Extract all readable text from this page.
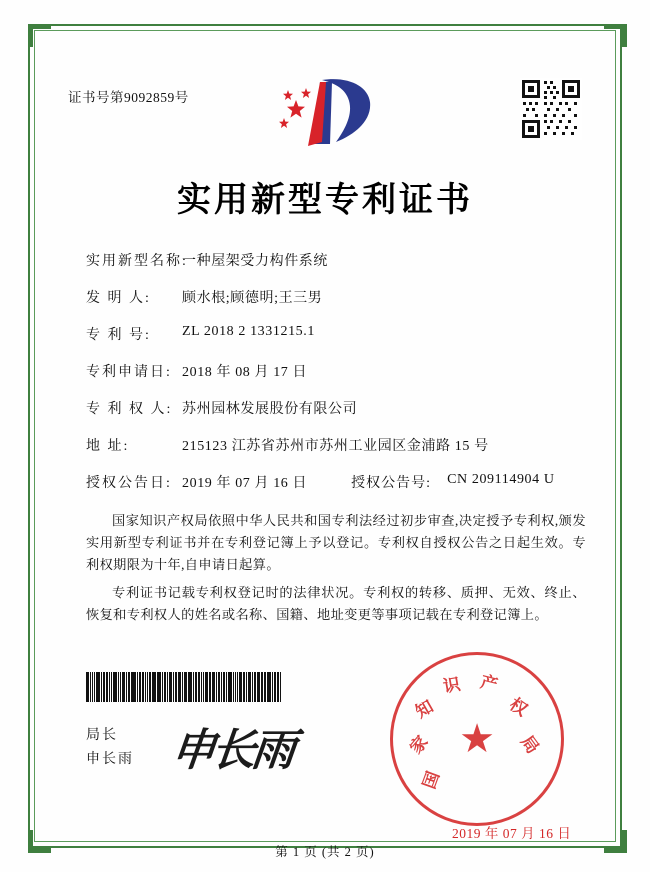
证书号第9092859号
实用新型专利证书
实用新型名称:一种屋架受力构件系统
发 明 人: 顾水根;顾德明;王三男
专 利 号: ZL 2018 2 1331215.1
专利申请日: 2018 年 08 月 17 日
专 利 权 人: 苏州园林发展股份有限公司
地 址:	215123 江苏省苏州市苏州工业园区金浦路 15 号
授权公告日: 2019 年 07 月 16 日	授权公告号: CN 209114904 U
国家知识产权局依照中华人民共和国专利法经过初步审查,决定授予专利权,颁发实用新型专利证书并在专利登记簿上予以登记。专利权自授权公告之日起生效。专利权期限为十年,自申请日起算。
专利证书记载专利权登记时的法律状况。专利权的转移、质押、无效、终止、恢复和专利权人的姓名或名称、国籍、地址变更等事项记载在专利登记簿上。
局长
申长雨 申长雨	★
国
家
知
识 产
权
局
2019 年 07 月 16 日
第 1 页 (共 2 页)
